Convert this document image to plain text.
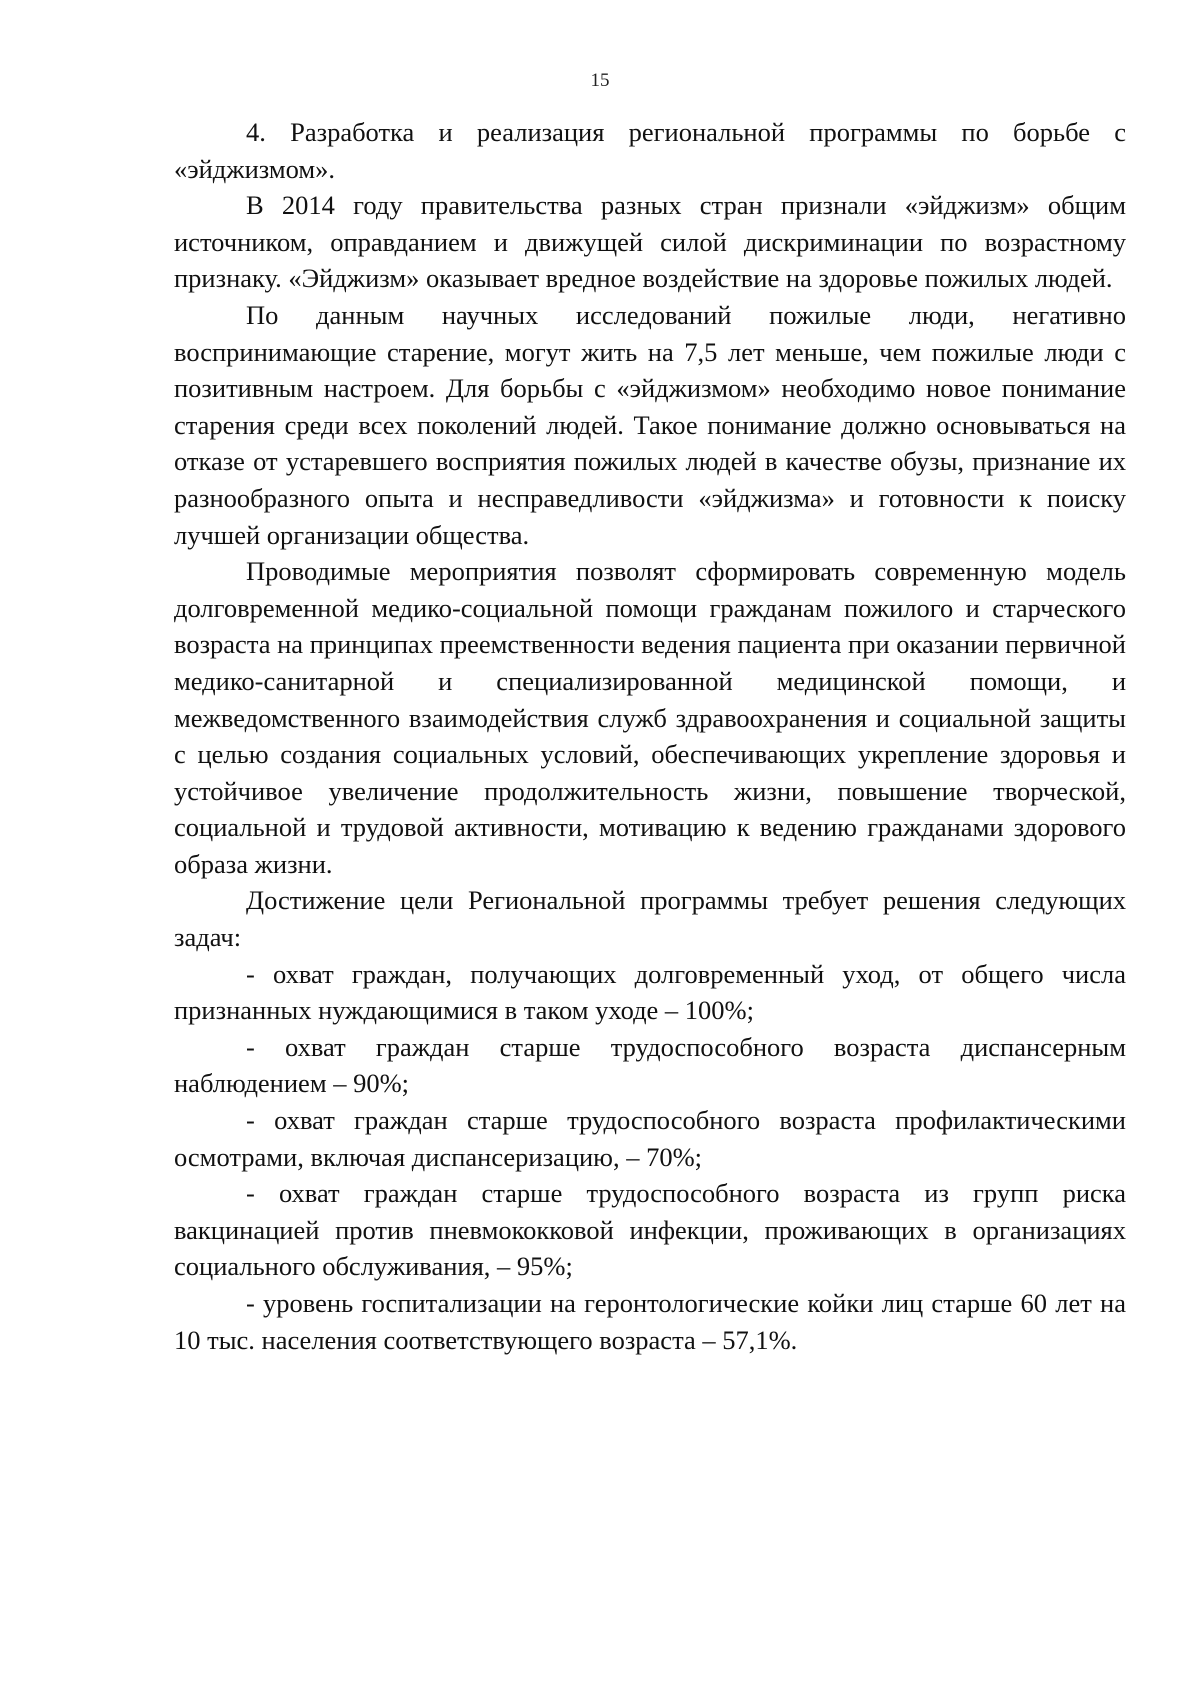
15

4. Разработка и реализация региональной программы по борьбе с «эйджизмом».

В 2014 году правительства разных стран признали «эйджизм» общим источником, оправданием и движущей силой дискриминации по возрастному признаку. «Эйджизм» оказывает вредное воздействие на здоровье пожилых людей.

По данным научных исследований пожилые люди, негативно воспринимающие старение, могут жить на 7,5 лет меньше, чем пожилые люди с позитивным настроем. Для борьбы с «эйджизмом» необходимо новое понимание старения среди всех поколений людей. Такое понимание должно основываться на отказе от устаревшего восприятия пожилых людей в качестве обузы, признание их разнообразного опыта и несправедливости «эйджизма» и готовности к поиску лучшей организации общества.

Проводимые мероприятия позволят сформировать современную модель долговременной медико-социальной помощи гражданам пожилого и старческого возраста на принципах преемственности ведения пациента при оказании первичной медико-санитарной и специализированной медицинской помощи, и межведомственного взаимодействия служб здравоохранения и социальной защиты с целью создания социальных условий, обеспечивающих укрепление здоровья и устойчивое увеличение продолжительность жизни, повышение творческой, социальной и трудовой активности, мотивацию к ведению гражданами здорового образа жизни.

Достижение цели Региональной программы требует решения следующих задач:

- охват граждан, получающих долговременный уход, от общего числа признанных нуждающимися в таком уходе – 100%;

- охват граждан старше трудоспособного возраста диспансерным наблюдением – 90%;

- охват граждан старше трудоспособного возраста профилактическими осмотрами, включая диспансеризацию, – 70%;

- охват граждан старше трудоспособного возраста из групп риска вакцинацией против пневмококковой инфекции, проживающих в организациях социального обслуживания, – 95%;

- уровень госпитализации на геронтологические койки лиц старше 60 лет на 10 тыс. населения соответствующего возраста – 57,1%.
